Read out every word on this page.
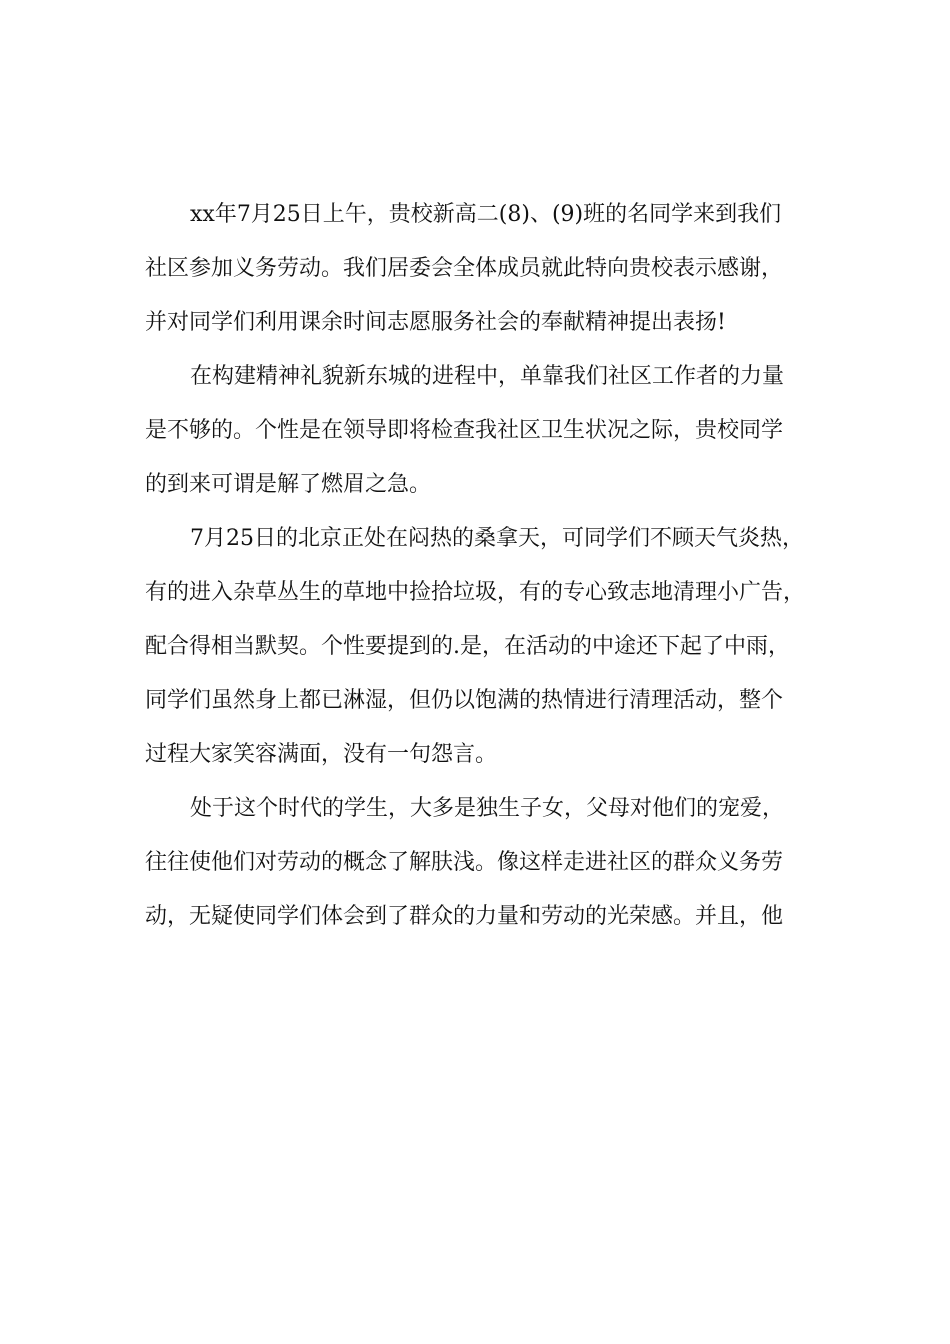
xx年7月25日上午，贵校新高二(8)、(9)班的名同学来到我们
社区参加义务劳动。我们居委会全体成员就此特向贵校表示感谢，
并对同学们利用课余时间志愿服务社会的奉献精神提出表扬!
在构建精神礼貌新东城的进程中，单靠我们社区工作者的力量
是不够的。个性是在领导即将检查我社区卫生状况之际，贵校同学
的到来可谓是解了燃眉之急。
7月25日的北京正处在闷热的桑拿天，可同学们不顾天气炎热，
有的进入杂草丛生的草地中捡拾垃圾，有的专心致志地清理小广告，
配合得相当默契。个性要提到的.是，在活动的中途还下起了中雨，
同学们虽然身上都已淋湿，但仍以饱满的热情进行清理活动，整个
过程大家笑容满面，没有一句怨言。
处于这个时代的学生，大多是独生子女，父母对他们的宠爱，
往往使他们对劳动的概念了解肤浅。像这样走进社区的群众义务劳
动，无疑使同学们体会到了群众的力量和劳动的光荣感。并且，他
